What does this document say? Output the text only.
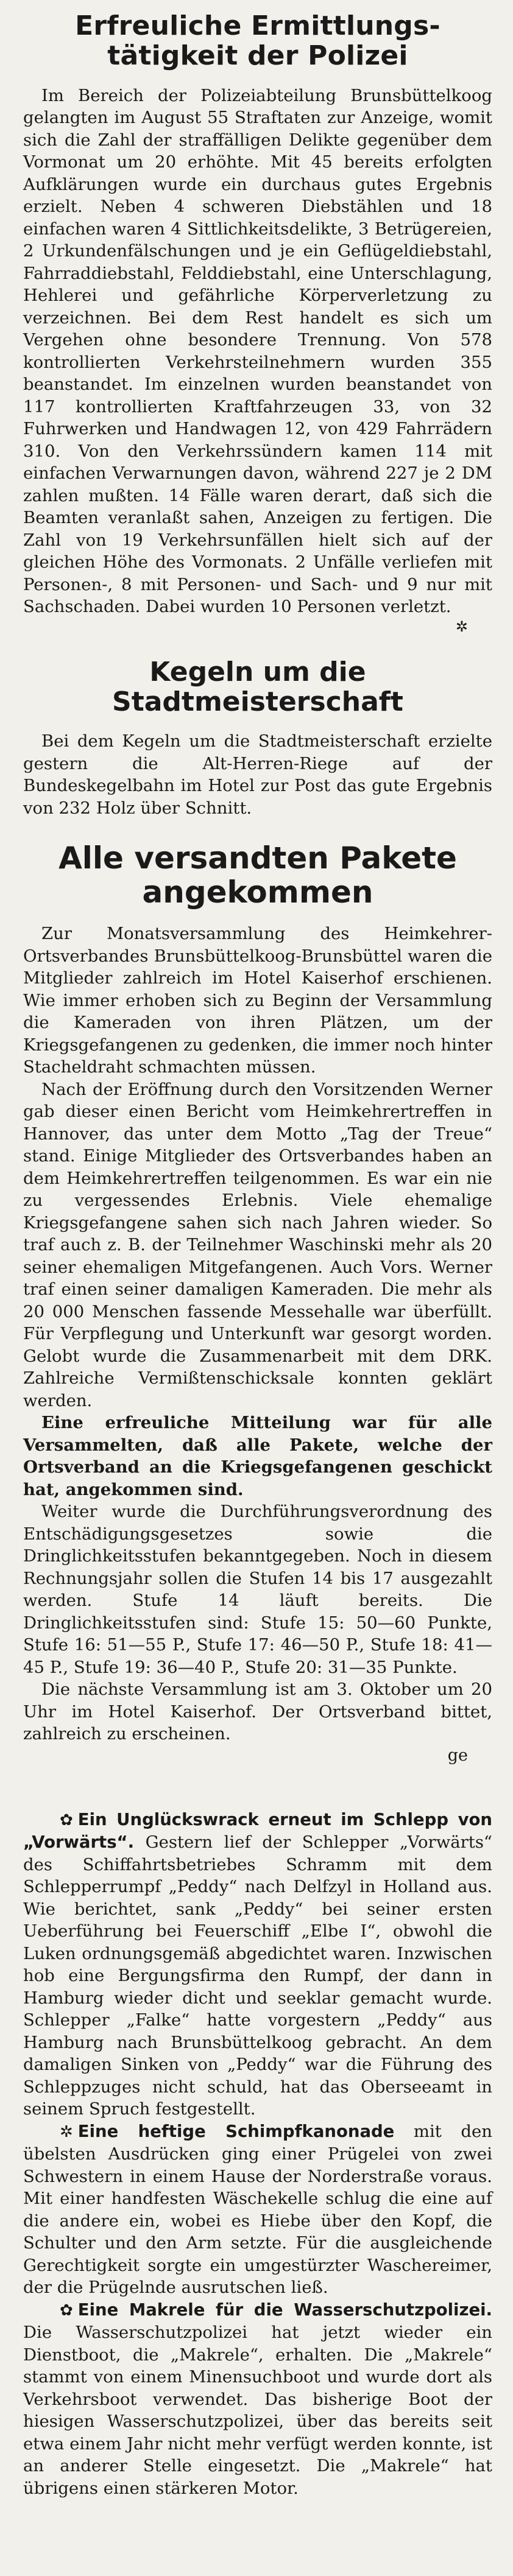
Erfreuliche Ermittlungs-tätigkeit der Polizei

Im Bereich der Polizeiabteilung Brunsbüttelkoog gelangten im August 55 Straftaten zur Anzeige, womit sich die Zahl der straffälligen Delikte gegenüber dem Vormonat um 20 erhöhte. Mit 45 bereits erfolgten Aufklärungen wurde ein durchaus gutes Ergebnis erzielt. Neben 4 schweren Diebstählen und 18 einfachen waren 4 Sittlichkeitsdelikte, 3 Betrügereien, 2 Urkundenfälschungen und je ein Geflügeldiebstahl, Fahrraddiebstahl, Felddiebstahl, eine Unterschlagung, Hehlerei und gefährliche Körperverletzung zu verzeichnen. Bei dem Rest handelt es sich um Vergehen ohne besondere Trennung. Von 578 kontrollierten Verkehrsteilnehmern wurden 355 beanstandet. Im einzelnen wurden beanstandet von 117 kontrollierten Kraftfahrzeugen 33, von 32 Fuhrwerken und Handwagen 12, von 429 Fahrrädern 310. Von den Verkehrssündern kamen 114 mit einfachen Verwarnungen davon, während 227 je 2 DM zahlen mußten. 14 Fälle waren derart, daß sich die Beamten veranlaßt sahen, Anzeigen zu fertigen. Die Zahl von 19 Verkehrsunfällen hielt sich auf der gleichen Höhe des Vormonats. 2 Unfälle verliefen mit Personen-, 8 mit Personen- und Sach- und 9 nur mit Sachschaden. Dabei wurden 10 Personen verletzt.

✲
Kegeln um die Stadtmeisterschaft

Bei dem Kegeln um die Stadtmeisterschaft erzielte gestern die Alt-Herren-Riege auf der Bundeskegelbahn im Hotel zur Post das gute Ergebnis von 232 Holz über Schnitt.

Alle versandten Pakete angekommen

Zur Monatsversammlung des Heimkehrer-Ortsverbandes Brunsbüttelkoog-Brunsbüttel waren die Mitglieder zahlreich im Hotel Kaiserhof erschienen. Wie immer erhoben sich zu Beginn der Versammlung die Kameraden von ihren Plätzen, um der Kriegsgefangenen zu gedenken, die immer noch hinter Stacheldraht schmachten müssen.

Nach der Eröffnung durch den Vorsitzenden Werner gab dieser einen Bericht vom Heimkehrertreffen in Hannover, das unter dem Motto „Tag der Treue“ stand. Einige Mitglieder des Ortsverbandes haben an dem Heimkehrertreffen teilgenommen. Es war ein nie zu vergessendes Erlebnis. Viele ehemalige Kriegsgefangene sahen sich nach Jahren wieder. So traf auch z. B. der Teilnehmer Waschinski mehr als 20 seiner ehemaligen Mitgefangenen. Auch Vors. Werner traf einen seiner damaligen Kameraden. Die mehr als 20 000 Menschen fassende Messehalle war überfüllt. Für Verpflegung und Unterkunft war gesorgt worden. Gelobt wurde die Zusammenarbeit mit dem DRK. Zahlreiche Vermißtenschicksale konnten geklärt werden.

Eine erfreuliche Mitteilung war für alle Versammelten, daß alle Pakete, welche der Ortsverband an die Kriegsgefangenen geschickt hat, angekommen sind.

Weiter wurde die Durchführungsverordnung des Entschädigungsgesetzes sowie die Dringlichkeitsstufen bekanntgegeben. Noch in diesem Rechnungsjahr sollen die Stufen 14 bis 17 ausgezahlt werden. Stufe 14 läuft bereits. Die Dringlichkeitsstufen sind: Stufe 15: 50—60 Punkte, Stufe 16: 51—55 P., Stufe 17: 46—50 P., Stufe 18: 41—45 P., Stufe 19: 36—40 P., Stufe 20: 31—35 Punkte.

Die nächste Versammlung ist am 3. Oktober um 20 Uhr im Hotel Kaiserhof. Der Ortsverband bittet, zahlreich zu erscheinen.

ge

✿ Ein Unglückswrack erneut im Schlepp von „Vorwärts“. Gestern lief der Schlepper „Vorwärts“ des Schiffahrtsbetriebes Schramm mit dem Schlepperrumpf „Peddy“ nach Delfzyl in Holland aus. Wie berichtet, sank „Peddy“ bei seiner ersten Ueberführung bei Feuerschiff „Elbe I“, obwohl die Luken ordnungsgemäß abgedichtet waren. Inzwischen hob eine Bergungsfirma den Rumpf, der dann in Hamburg wieder dicht und seeklar gemacht wurde. Schlepper „Falke“ hatte vorgestern „Peddy“ aus Hamburg nach Brunsbüttelkoog gebracht. An dem damaligen Sinken von „Peddy“ war die Führung des Schleppzuges nicht schuld, hat das Oberseeamt in seinem Spruch festgestellt.

✲ Eine heftige Schimpfkanonade mit den übelsten Ausdrücken ging einer Prügelei von zwei Schwestern in einem Hause der Norderstraße voraus. Mit einer handfesten Wäschekelle schlug die eine auf die andere ein, wobei es Hiebe über den Kopf, die Schulter und den Arm setzte. Für die ausgleichende Gerechtigkeit sorgte ein umgestürzter Waschereimer, der die Prügelnde ausrutschen ließ.

✿ Eine Makrele für die Wasserschutzpolizei. Die Wasserschutzpolizei hat jetzt wieder ein Dienstboot, die „Makrele“, erhalten. Die „Makrele“ stammt von einem Minensuchboot und wurde dort als Verkehrsboot verwendet. Das bisherige Boot der hiesigen Wasserschutzpolizei, über das bereits seit etwa einem Jahr nicht mehr verfügt werden konnte, ist an anderer Stelle eingesetzt. Die „Makrele“ hat übrigens einen stärkeren Motor.
